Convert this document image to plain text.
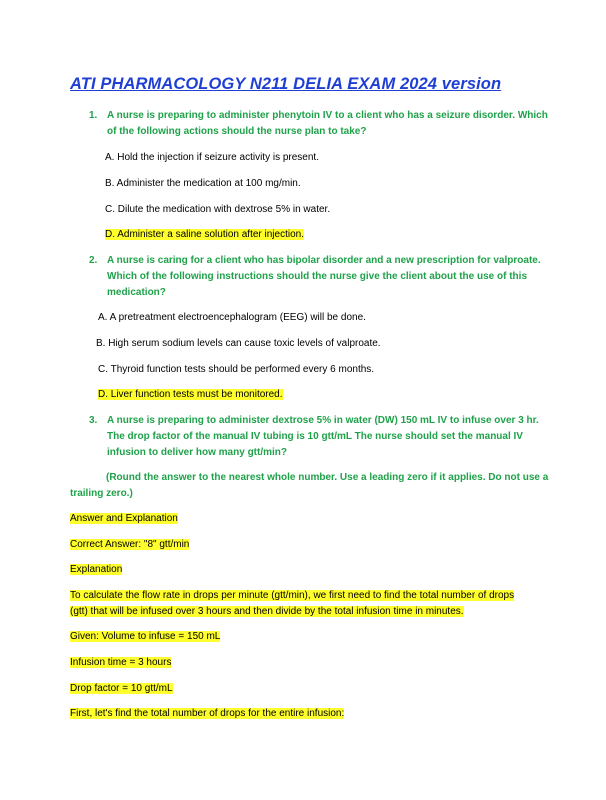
ATI PHARMACOLOGY N211 DELIA EXAM 2024 version
1. A nurse is preparing to administer phenytoin IV to a client who has a seizure disorder. Which
of the following actions should the nurse plan to take?
A. Hold the injection if seizure activity is present.
B. Administer the medication at 100 mg/min.
C. Dilute the medication with dextrose 5% in water.
D. Administer a saline solution after injection.
2. A nurse is caring for a client who has bipolar disorder and a new prescription for valproate.
Which of the following instructions should the nurse give the client about the use of this
medication?
A. A pretreatment electroencephalogram (EEG) will be done.
B. High serum sodium levels can cause toxic levels of valproate.
C. Thyroid function tests should be performed every 6 months.
D. Liver function tests must be monitored.
3. A nurse is preparing to administer dextrose 5% in water (DW) 150 mL IV to infuse over 3 hr.
The drop factor of the manual IV tubing is 10 gtt/mL The nurse should set the manual IV
infusion to deliver how many gtt/min?
(Round the answer to the nearest whole number. Use a leading zero if it applies. Do not use a
trailing zero.)
Answer and Explanation
Correct Answer: "8" gtt/min
Explanation
To calculate the flow rate in drops per minute (gtt/min), we first need to find the total number of drops
(gtt) that will be infused over 3 hours and then divide by the total infusion time in minutes.
Given: Volume to infuse = 150 mL
Infusion time = 3 hours
Drop factor = 10 gtt/mL
First, let's find the total number of drops for the entire infusion:
